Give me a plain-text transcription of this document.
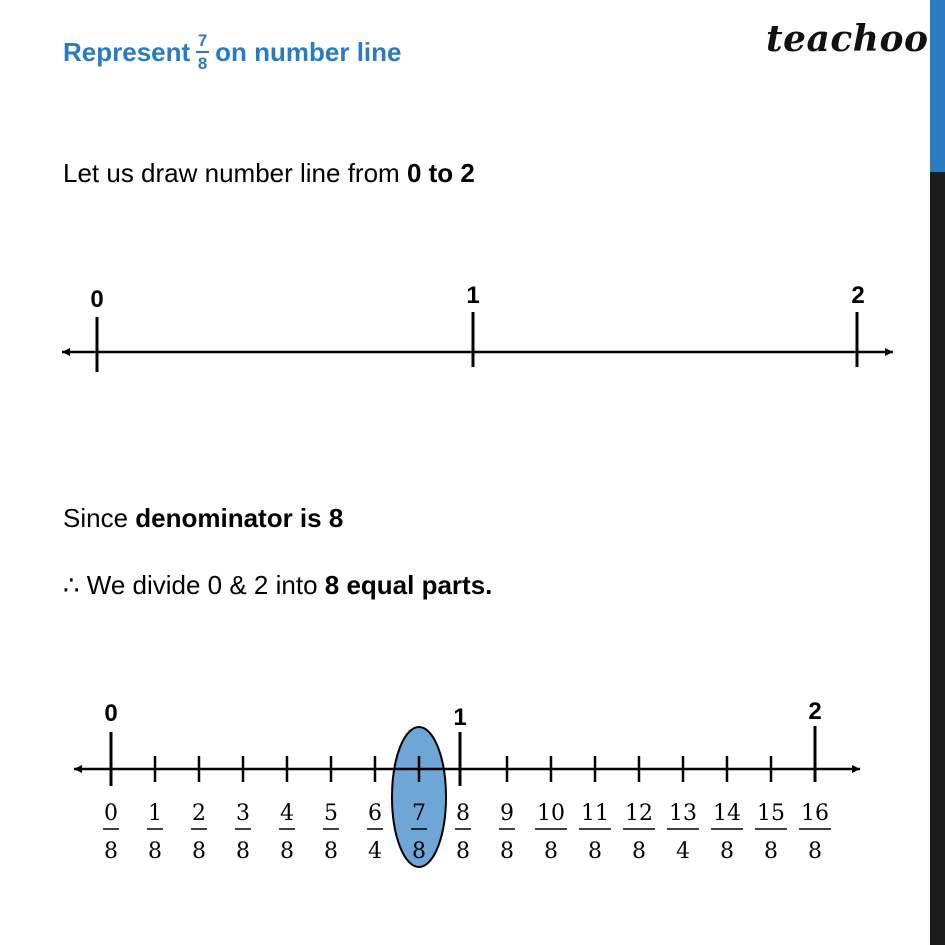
Represent $\frac{7}{8}$ on number line	teachoo
Let us draw number line from 0 to 2
Since denominator is 8
∴ We divide 0 & 2 into 8 equal parts.
0	1	2
0	1	2
0
8
1
8
2
8
3
8
4
8
5
8
6
4
7
8
8
8
9
8
10
8
11
8
12
8
13
4
14
8
15
8
16
8
